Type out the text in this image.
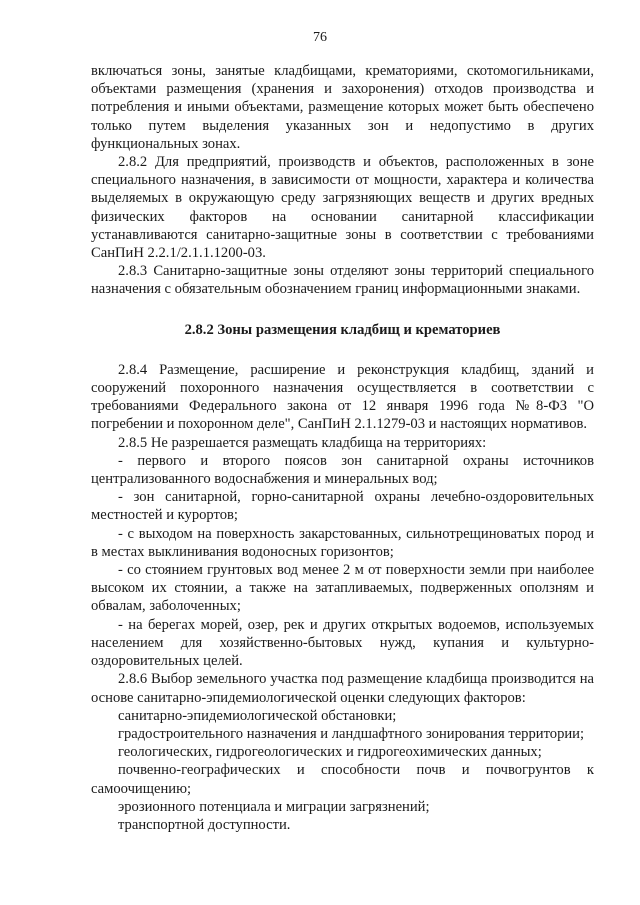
76

включаться зоны, занятые кладбищами, крематориями, скотомогильниками, объектами размещения (хранения и захоронения) отходов производства и потребления и иными объектами, размещение которых может быть обеспечено только путем выделения указанных зон и недопустимо в других функциональных зонах.

2.8.2 Для предприятий, производств и объектов, расположенных в зоне специального назначения, в зависимости от мощности, характера и количества выделяемых в окружающую среду загрязняющих веществ и других вредных физических факторов на основании санитарной классификации устанавливаются санитарно-защитные зоны в соответствии с требованиями СанПиН 2.2.1/2.1.1.1200-03.

2.8.3 Санитарно-защитные зоны отделяют зоны территорий специального назначения с обязательным обозначением границ информационными знаками.

2.8.2 Зоны размещения кладбищ и крематориев

2.8.4 Размещение, расширение и реконструкция кладбищ, зданий и сооружений похоронного назначения осуществляется в соответствии с требованиями Федерального закона от 12 января 1996 года №8-ФЗ "О погребении и похоронном деле", СанПиН 2.1.1279-03 и настоящих нормативов.

2.8.5 Не разрешается размещать кладбища на территориях:

- первого и второго поясов зон санитарной охраны источников централизованного водоснабжения и минеральных вод;

- зон санитарной, горно-санитарной охраны лечебно-оздоровительных местностей и курортов;

- с выходом на поверхность закарстованных, сильнотрещиноватых пород и в местах выклинивания водоносных горизонтов;

- со стоянием грунтовых вод менее 2 м от поверхности земли при наиболее высоком их стоянии, а также на затапливаемых, подверженных оползням и обвалам, заболоченных;

- на берегах морей, озер, рек и других открытых водоемов, используемых населением для хозяйственно-бытовых нужд, купания и культурно-оздоровительных целей.

2.8.6 Выбор земельного участка под размещение кладбища производится на основе санитарно-эпидемиологической оценки следующих факторов:

санитарно-эпидемиологической обстановки;

градостроительного назначения и ландшафтного зонирования территории;

геологических, гидрогеологических и гидрогеохимических данных;

почвенно-географических и способности почв и почвогрунтов к самоочищению;

эрозионного потенциала и миграции загрязнений;

транспортной доступности.
